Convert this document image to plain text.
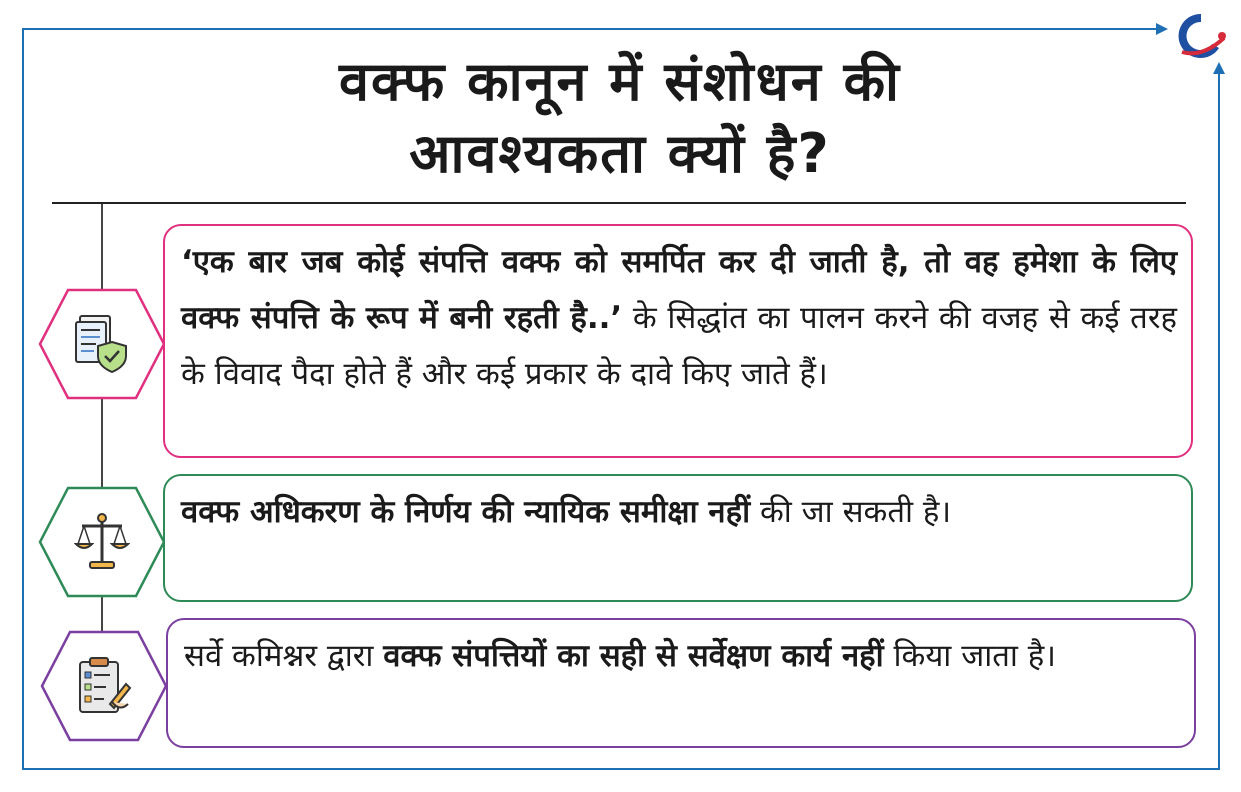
वक्फ कानून में संशोधन की
आवश्यकता क्यों है?

‘एक बार जब कोई संपत्ति वक्फ को समर्पित कर दी जाती है, तो वह हमेशा के लिए वक्फ संपत्ति के रूप में बनी रहती है..’ के सिद्धांत का पालन करने की वजह से कई तरह के विवाद पैदा होते हैं और कई प्रकार के दावे किए जाते हैं।

वक्फ अधिकरण के निर्णय की न्यायिक समीक्षा नहीं की जा सकती है।

सर्वे कमिश्नर द्वारा वक्फ संपत्तियों का सही से सर्वेक्षण कार्य नहीं किया जाता है।
